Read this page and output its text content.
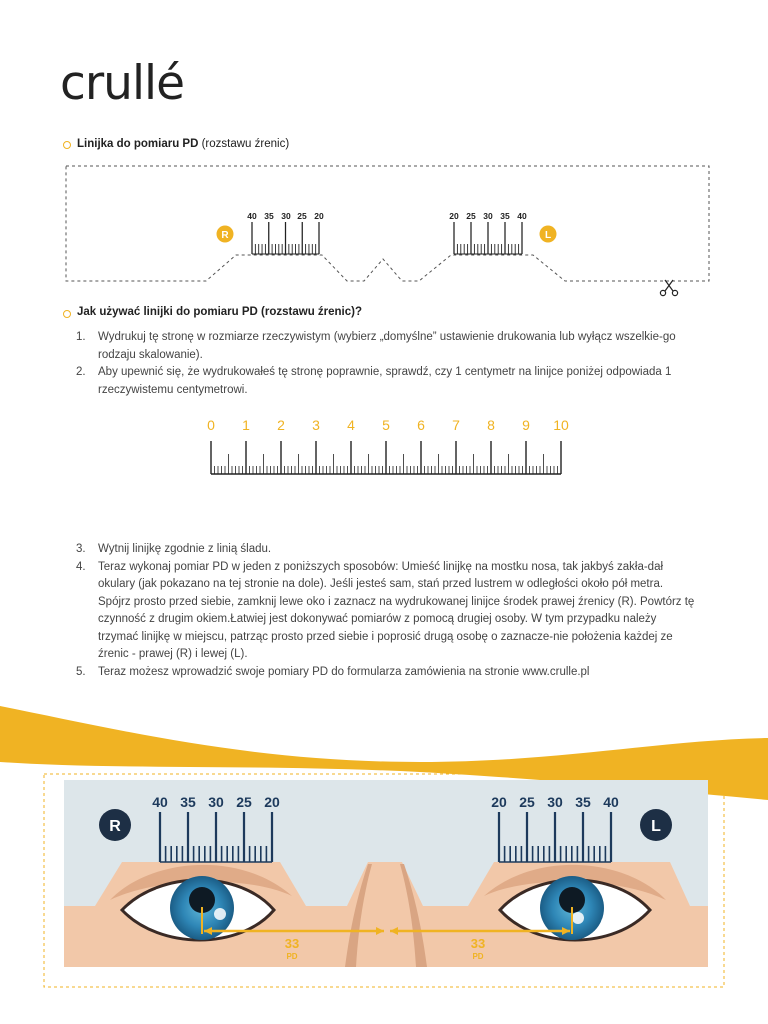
crullé
Linijka do pomiaru PD (rozstawu źrenic)
40 35 30 25 20	20 25 30 35 40
R	L
Jak używać linijki do pomiaru PD (rozstawu źrenic)?
1. Wydrukuj tę stronę w rozmiarze rzeczywistym (wybierz „domyślne” ustawienie drukowania lub wyłącz wszelkie-go rodzaju skalowanie).
2. Aby upewnić się, że wydrukowałeś tę stronę poprawnie, sprawdź, czy 1 centymetr na linijce poniżej odpowiada 1 rzeczywistemu centymetrowi.
0 1 2 3 4 5 6 7 8 9 10
3. Wytnij linijkę zgodnie z linią śladu.
4. Teraz wykonaj pomiar PD w jeden z poniższych sposobów: Umieść linijkę na mostku nosa, tak jakbyś zakła-dał okulary (jak pokazano na tej stronie na dole). Jeśli jesteś sam, stań przed lustrem w odległości około pół metra. Spójrz prosto przed siebie, zamknij lewe oko i zaznacz na wydrukowanej linijce środek prawej źrenicy (R). Powtórz tę czynność z drugim okiem.Łatwiej jest dokonywać pomiarów z pomocą drugiej osoby. W tym przypadku należy trzymać linijkę w miejscu, patrząc prosto przed siebie i poprosić drugą osobę o zaznacze-nie położenia każdej ze źrenic - prawej (R) i lewej (L).
5. Teraz możesz wprowadzić swoje pomiary PD do formularza zamówienia na stronie www.crulle.pl
40 35 30 25 20	20 25 30 35 40
R	L
33
PD
33
PD
